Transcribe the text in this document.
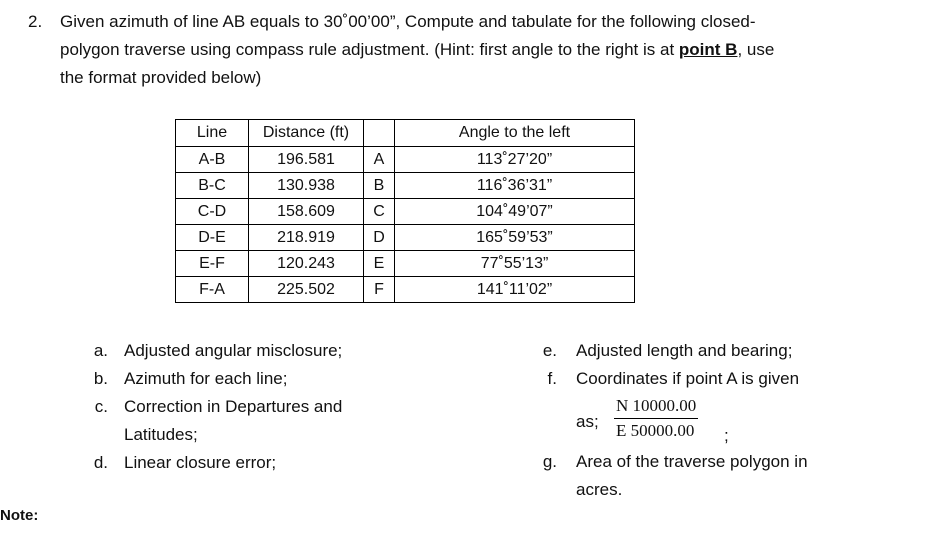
2. Given azimuth of line AB equals to 30˚00’00”, Compute and tabulate for the following closed-
polygon traverse using compass rule adjustment. (Hint: first angle to the right is at point B, use
the format provided below)
Line	Distance (ft)		Angle to the left
A-B	196.581	A	113˚27’20”
B-C	130.938	B	116˚36’31”
C-D	158.609	C	104˚49’07”
D-E	218.919	D	165˚59’53”
E-F	120.243	E	77˚55’13”
F-A	225.502	F	141˚11’02”
a. Adjusted angular misclosure;
b. Azimuth for each line;
c. Correction in Departures and
Latitudes;
d. Linear closure error;
e. Adjusted length and bearing;
f. Coordinates if point A is given
as; $\frac{N 10000.00}{E 50000.00}$ ;
g. Area of the traverse polygon in
acres.
Note:
